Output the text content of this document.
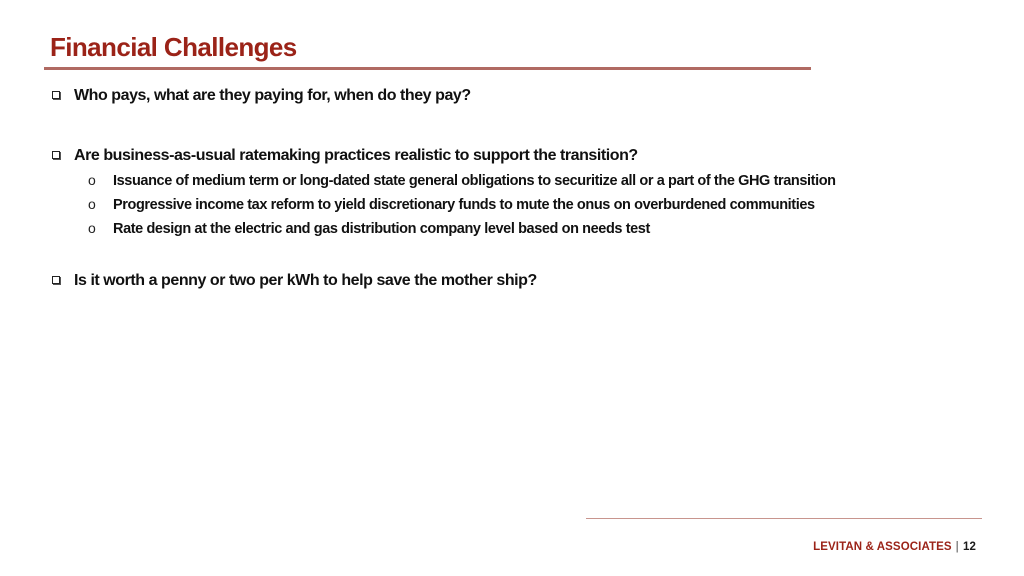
Financial Challenges
Who pays, what are they paying for, when do they pay?
Are business-as-usual ratemaking practices realistic to support the transition?
o	Issuance of medium term or long-dated state general obligations to securitize all or a part of the GHG transition
o	Progressive income tax reform to yield discretionary funds to mute the onus on overburdened communities
o	Rate design at the electric and gas distribution company level based on needs test
Is it worth a penny or two per kWh to help save the mother ship?
LEVITAN & ASSOCIATES | 12
